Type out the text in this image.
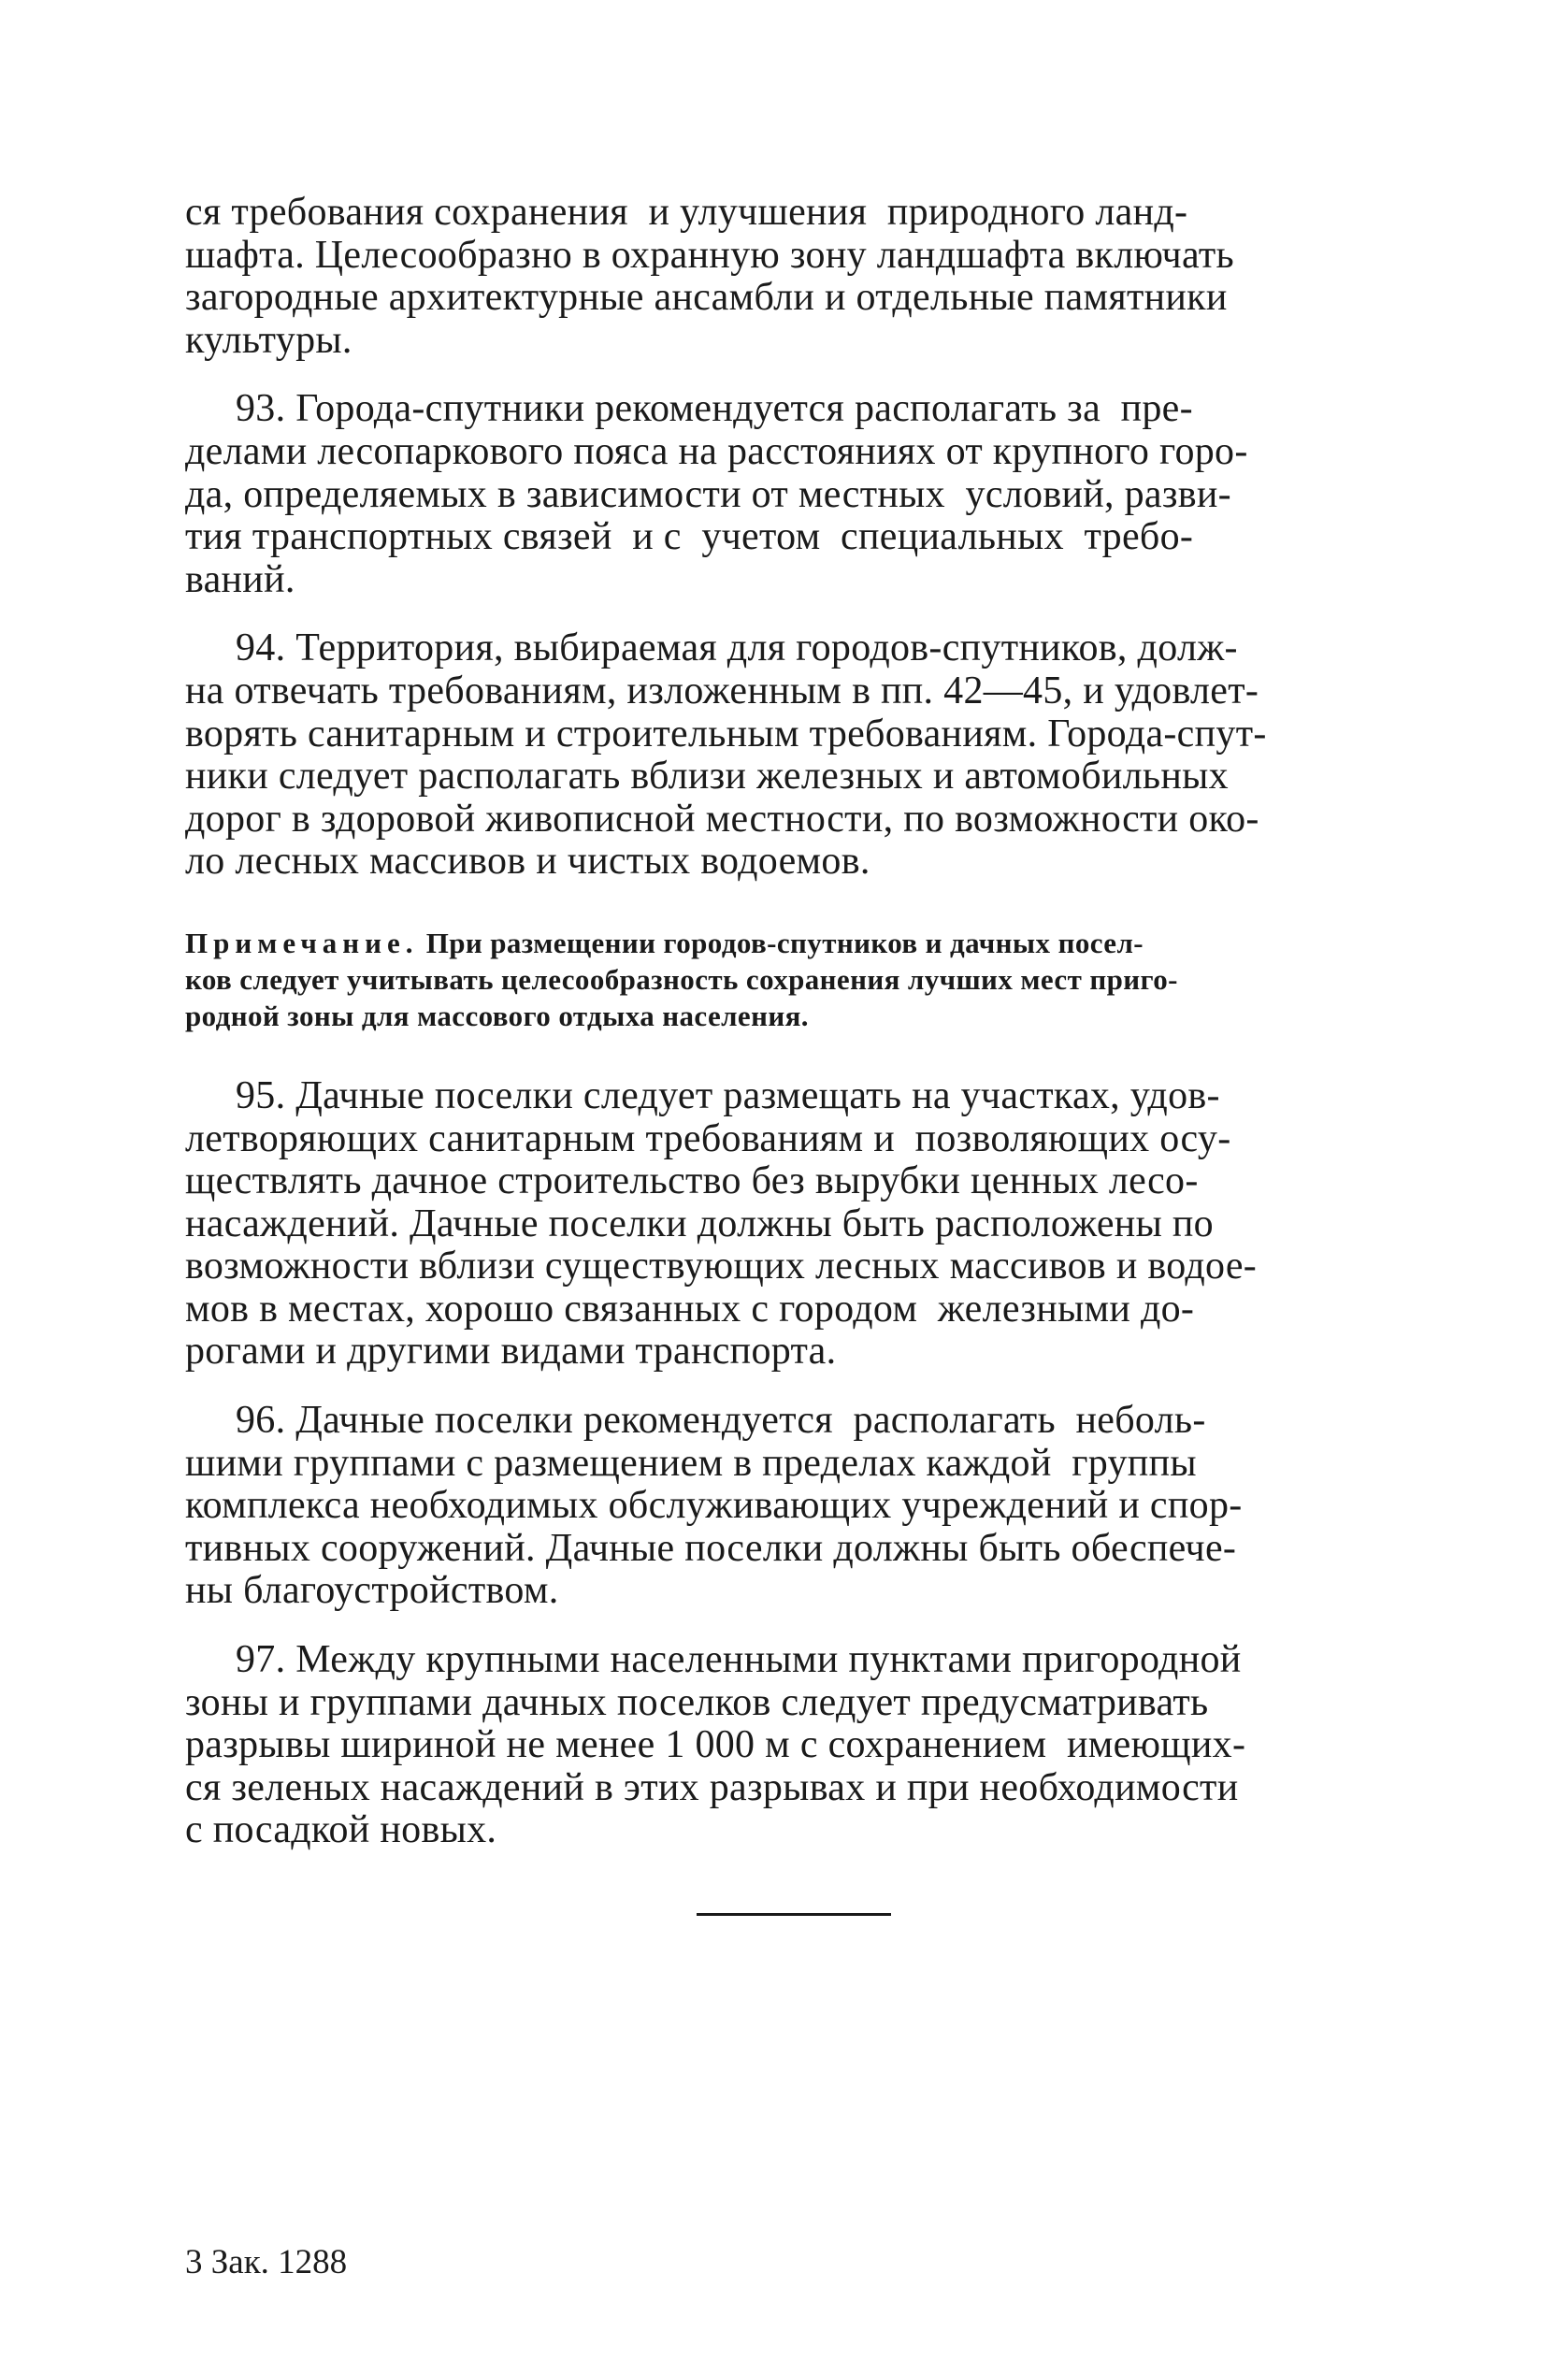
ся требования сохранения  и улучшения  природного ланд-
шафта. Целесообразно в охранную зону ландшафта включать
загородные архитектурные ансамбли и отдельные памятники
культуры.
93. Города-спутники рекомендуется располагать за  пре-
делами лесопаркового пояса на расстояниях от крупного горо-
да, определяемых в зависимости от местных  условий, разви-
тия транспортных связей  и с  учетом  специальных  требо-
ваний.
94. Территория, выбираемая для городов-спутников, долж-
на отвечать требованиям, изложенным в пп. 42—45, и удовлет-
ворять санитарным и строительным требованиям. Города-спут-
ники следует располагать вблизи железных и автомобильных
дорог в здоровой живописной местности, по возможности око-
ло лесных массивов и чистых водоемов.
Примечание. При размещении городов-спутников и дачных посел-
ков следует учитывать целесообразность сохранения лучших мест приго-
родной зоны для массового отдыха населения.
95. Дачные поселки следует размещать на участках, удов-
летворяющих санитарным требованиям и  позволяющих осу-
ществлять дачное строительство без вырубки ценных лесо-
насаждений. Дачные поселки должны быть расположены по
возможности вблизи существующих лесных массивов и водое-
мов в местах, хорошо связанных с городом  железными до-
рогами и другими видами транспорта.
96. Дачные поселки рекомендуется  располагать  неболь-
шими группами с размещением в пределах каждой  группы
комплекса необходимых обслуживающих учреждений и спор-
тивных сооружений. Дачные поселки должны быть обеспече-
ны благоустройством.
97. Между крупными населенными пунктами пригородной
зоны и группами дачных поселков следует предусматривать
разрывы шириной не менее 1 000 м с сохранением  имеющих-
ся зеленых насаждений в этих разрывах и при необходимости
с посадкой новых.
3 Зак. 1288
